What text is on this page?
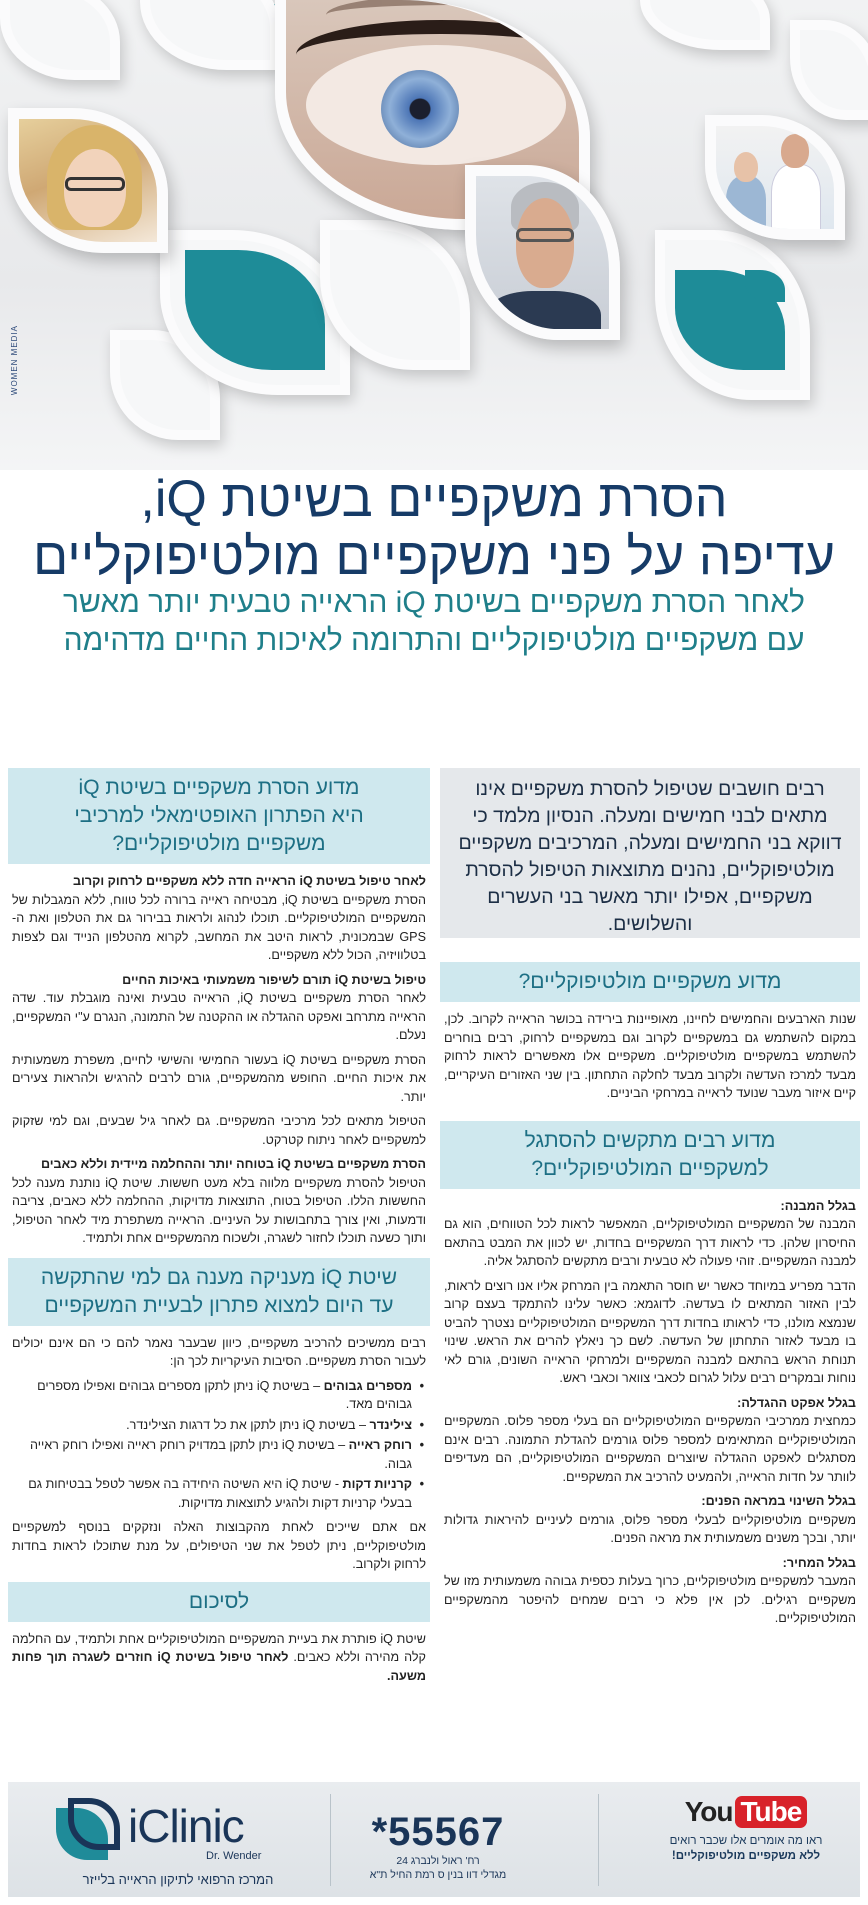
WOMEN MEDIA
הסרת משקפיים בשיטת iQ,
עדיפה על פני משקפיים מולטיפוקליים
לאחר הסרת משקפיים בשיטת iQ הראייה טבעית יותר מאשר
עם משקפיים מולטיפוקליים והתרומה לאיכות החיים מדהימה
רבים חושבים שטיפול להסרת משקפיים אינו מתאים לבני חמישים ומעלה. הנסיון מלמד כי דווקא בני החמישים ומעלה, המרכיבים משקפיים מולטיפוקליים, נהנים מתוצאות הטיפול להסרת משקפיים, אפילו יותר מאשר בני העשרים והשלושים.
מדוע משקפיים מולטיפוקליים?

שנות הארבעים והחמישים לחיינו, מאופיינות בירידה בכושר הראייה לקרוב. לכן, במקום להשתמש גם במשקפיים לקרוב וגם במשקפיים לרחוק, רבים בוחרים להשתמש במשקפיים מולטיפוקליים. משקפיים אלו מאפשרים לראות לרחוק מבעד למרכז העדשה ולקרוב מבעד לחלקה התחתון. בין שני האזורים העיקריים, קיים איזור מעבר שנועד לראייה במרחקי הביניים.

מדוע רבים מתקשים להסתגל
למשקפיים המולטיפוקליים?

בגלל המבנה:
המבנה של המשקפיים המולטיפוקליים, המאפשר לראות לכל הטווחים, הוא גם החיסרון שלהן. כדי לראות דרך המשקפיים בחדות, יש לכוון את המבט בהתאם למבנה המשקפיים. זוהי פעולה לא טבעית ורבים מתקשים להסתגל אליה.

הדבר מפריע במיוחד כאשר יש חוסר התאמה בין המרחק אליו אנו רוצים לראות, לבין האזור המתאים לו בעדשה. לדוגמא: כאשר עלינו להתמקד בעצם קרוב שנמצא מולנו, כדי לראותו בחדות דרך המשקפיים המולטיפוקליים נצטרך להביט בו מבעד לאזור התחתון של העדשה. לשם כך ניאלץ להרים את הראש. שינוי תנוחת הראש בהתאם למבנה המשקפיים ולמרחקי הראייה השונים, גורם לאי נוחות ובמקרים רבים עלול לגרום לכאבי צוואר וכאבי ראש.

בגלל אפקט ההגדלה:
כמחצית ממרכיבי המשקפיים המולטיפוקליים הם בעלי מספר פלוס. המשקפיים המולטיפוקליים המתאימים למספר פלוס גורמים להגדלת התמונה. רבים אינם מסתגלים לאפקט ההגדלה שיוצרים המשקפיים המולטיפוקליים, הם מעדיפים לוותר על חדות הראייה, ולהמעיט להרכיב את המשקפיים.

בגלל השינוי במראה הפנים:
משקפיים מולטיפוקליים לבעלי מספר פלוס, גורמים לעיניים להיראות גדולות יותר, ובכך משנים משמעותית את מראה הפנים.

בגלל המחיר:
המעבר למשקפיים מולטיפוקליים, כרוך בעלות כספית גבוהה משמעותית מזו של משקפיים רגילים. לכן אין פלא כי רבים שמחים להיפטר מהמשקפיים המולטיפוקליים.

מדוע הסרת משקפיים בשיטת iQ
היא הפתרון האופטימאלי למרכיבי
משקפיים מולטיפוקליים?

לאחר טיפול בשיטת iQ הראייה חדה ללא משקפיים לרחוק וקרוב
הסרת משקפיים בשיטת iQ, מבטיחה ראייה ברורה לכל טווח, ללא המגבלות של המשקפיים המולטיפוקליים. תוכלו לנהוג ולראות בבירור גם את הטלפון ואת ה-GPS שבמכונית, לראות היטב את המחשב, לקרוא מהטלפון הנייד וגם לצפות בטלוויזיה, הכול ללא משקפיים.

טיפול בשיטת iQ תורם לשיפור משמעותי באיכות החיים
לאחר הסרת משקפיים בשיטת iQ, הראייה טבעית ואינה מוגבלת עוד. שדה הראייה מתרחב ואפקט ההגדלה או ההקטנה של התמונה, הנגרם ע"י המשקפיים, נעלם.

הסרת משקפיים בשיטת iQ בעשור החמישי והשישי לחיים, משפרת משמעותית את איכות החיים. החופש מהמשקפיים, גורם לרבים להרגיש ולהראות צעירים יותר.

הטיפול מתאים לכל מרכיבי המשקפיים. גם לאחר גיל שבעים, וגם למי שזקוק למשקפיים לאחר ניתוח קטרקט.

הסרת משקפיים בשיטת iQ בטוחה יותר וההחלמה מיידית וללא כאבים
הטיפול להסרת משקפיים מלווה בלא מעט חששות. שיטת iQ נותנת מענה לכל החששות הללו. הטיפול בטוח, התוצאות מדויקות, ההחלמה ללא כאבים, צריבה ודמעות, ואין צורך בתחבושות על העיניים. הראייה משתפרת מיד לאחר הטיפול, ותוך כשעה תוכלו לחזור לשגרה, ולשכוח מהמשקפיים אחת ולתמיד.

שיטת iQ מעניקה מענה גם למי שהתקשה
עד היום למצוא פתרון לבעיית המשקפיים

רבים ממשיכים להרכיב משקפיים, כיוון שבעבר נאמר להם כי הם אינם יכולים לעבור הסרת משקפיים. הסיבות העיקריות לכך הן:

• מספרים גבוהים – בשיטת iQ ניתן לתקן מספרים גבוהים ואפילו מספרים גבוהים מאד.
• צילינדר – בשיטת iQ ניתן לתקן את כל דרגות הצילינדר.
• רוחק ראייה – בשיטת iQ ניתן לתקן במדויק רוחק ראייה ואפילו רוחק ראייה גבוה.
• קרניות דקות - שיטת iQ היא השיטה היחידה בה אפשר לטפל בבטיחות גם בבעלי קרניות דקות ולהגיע לתוצאות מדויקות.

אם אתם שייכים לאחת מהקבוצות האלה ונזקקים בנוסף למשקפיים מולטיפוקליים, ניתן לטפל את שני הטיפולים, על מנת שתוכלו לראות בחדות לרחוק ולקרוב.

לסיכום

שיטת iQ פותרת את בעיית המשקפיים המולטיפוקליים אחת ולתמיד, עם החלמה קלה מהירה וללא כאבים. לאחר טיפול בשיטת iQ חוזרים לשגרה תוך פחות משעה.

You Tube
ראו מה אומרים אלו שכבר רואים
ללא משקפיים מולטיפוקליים!
*55567
רח' ראול ולנברג 24
מגדלי דוו בנין ס רמת החיל ת"א
iClinic
Dr. Wender
המרכז הרפואי לתיקון הראייה בלייזר
